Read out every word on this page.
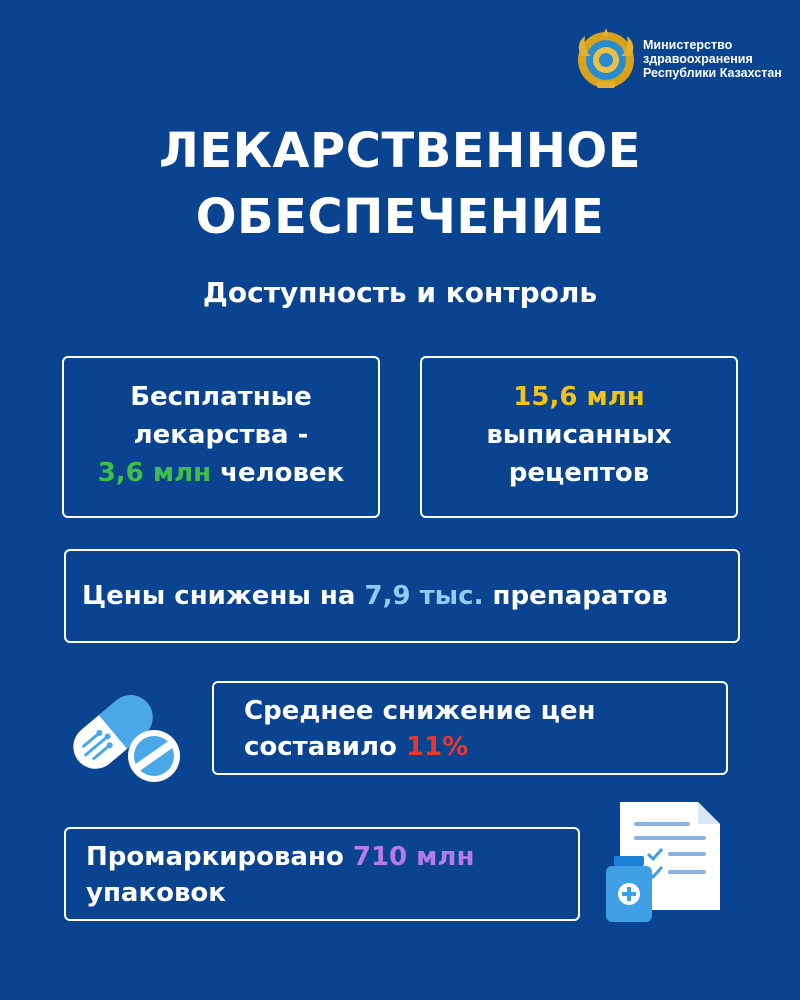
Министерство
здравоохранения
Республики Казахстан
ЛЕКАРСТВЕННОЕ
ОБЕСПЕЧЕНИЕ
Доступность и контроль
Бесплатные
лекарства -
3,6 млн человек
15,6 млн
выписанных
рецептов
Цены снижены на 7,9 тыс. препаратов
Среднее снижение цен
составило 11%
Промаркировано 710 млн
упаковок
